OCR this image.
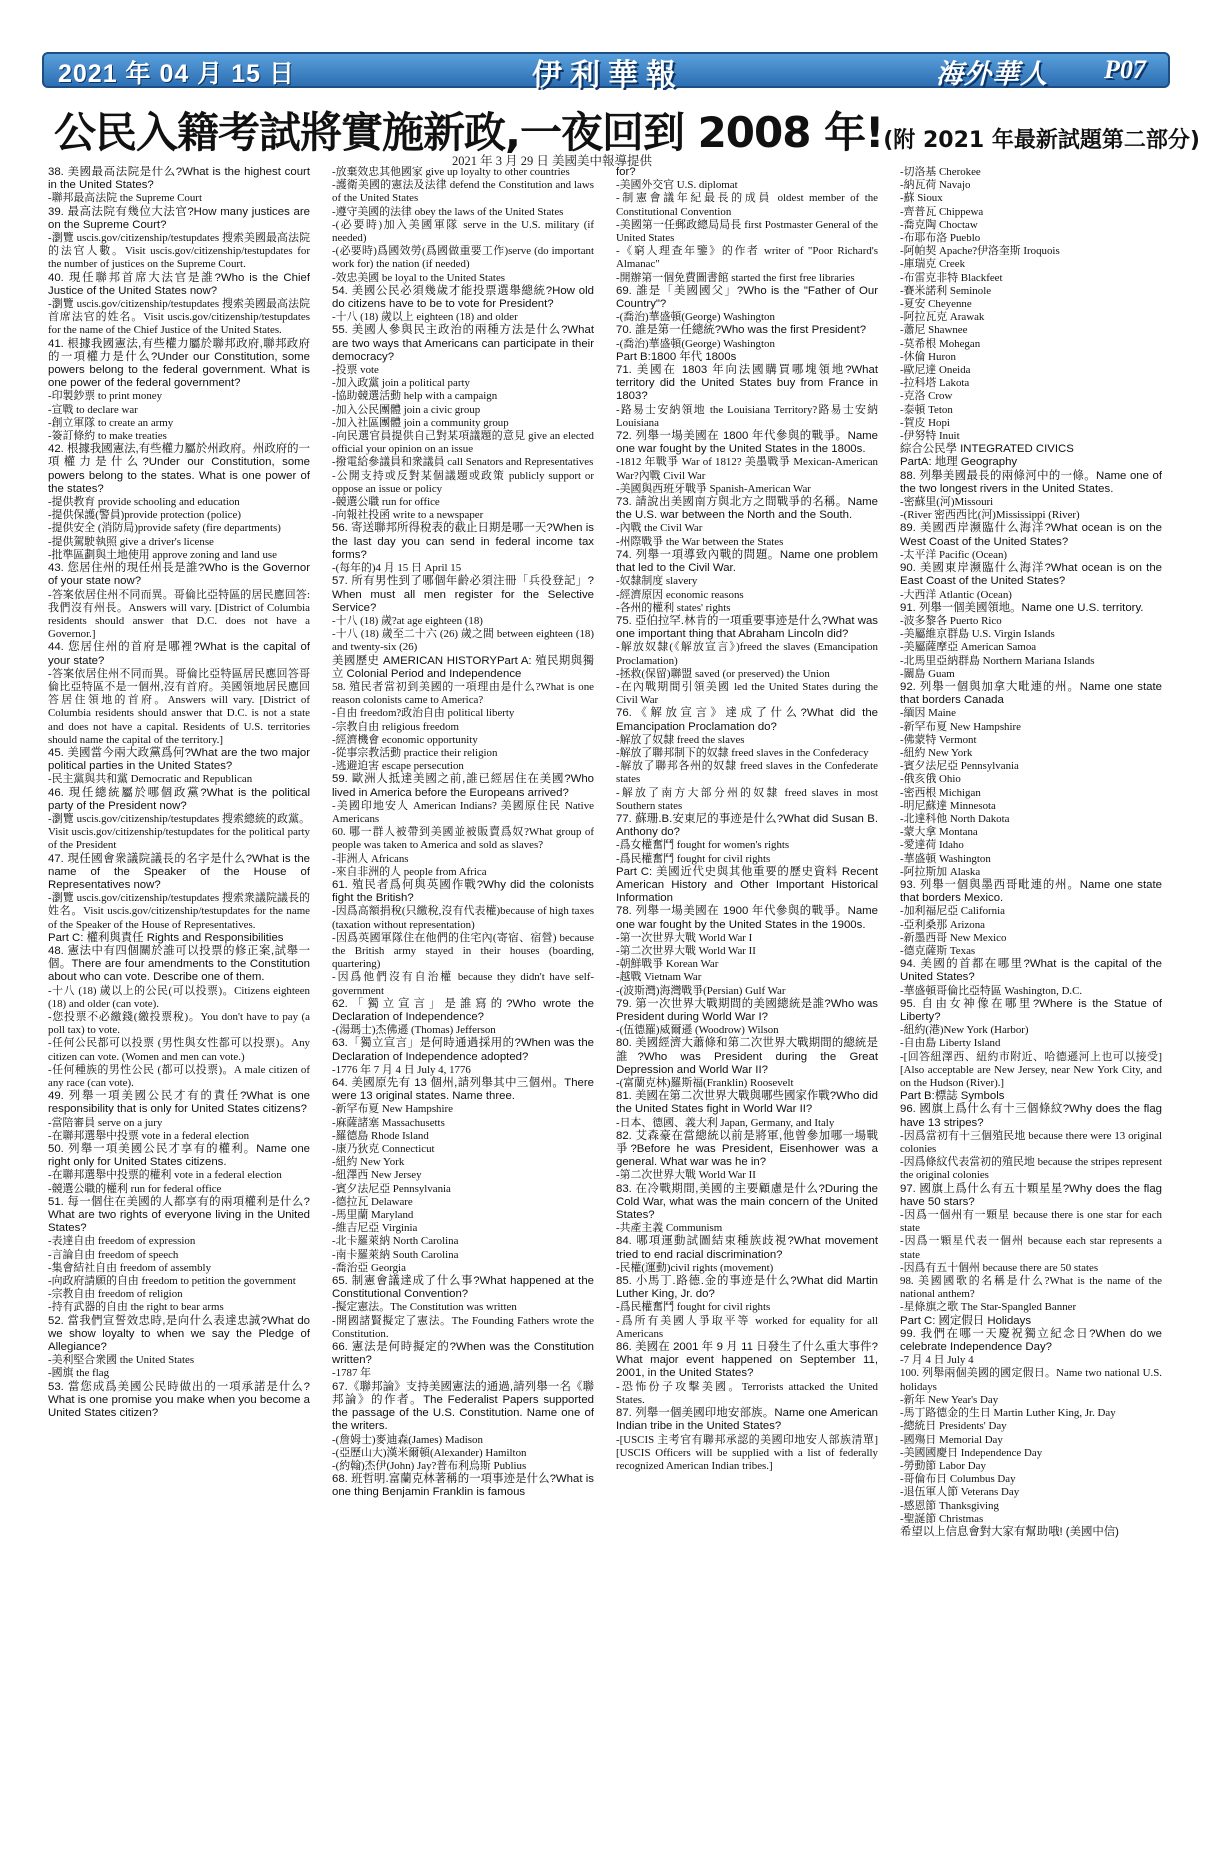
2021 年 04 月 15 日	伊利華報	海外華人 P07
公民入籍考試將實施新政,一夜回到 2008 年!(附 2021 年最新試題第二部分)
2021 年 3 月 29 日 美國美中報導提供

38. 美國最高法院是什么?What is the highest court in the United States?

-聯邦最高法院 the Supreme Court

39. 最高法院有幾位大法官?How many justices are on the Supreme Court?

-瀏覽 uscis.gov/citizenship/testupdates 搜索美國最高法院的法官人數。Visit uscis.gov/citizenship/testupdates for the number of justices on the Supreme Court.

40. 現任聯邦首席大法官是誰?Who is the Chief Justice of the United States now?

-瀏覽 uscis.gov/citizenship/testupdates 搜索美國最高法院首席法官的姓名。Visit uscis.gov/citizenship/testupdates for the name of the Chief Justice of the United States.

41. 根據我國憲法,有些權力屬於聯邦政府,聯邦政府的一項權力是什么?Under our Constitution, some powers belong to the federal government. What is one power of the federal government?

-印製鈔票 to print money

-宣戰 to declare war

-創立軍隊 to create an army

-簽訂條約 to make treaties

42. 根據我國憲法,有些權力屬於州政府。州政府的一項權力是什么?Under our Constitution, some powers belong to the states. What is one power of the states?

-提供教育 provide schooling and education

-提供保護(警員)provide protection (police)

-提供安全 (消防局)provide safety (fire departments)

-提供駕駛執照 give a driver's license

-批準區劃與土地使用 approve zoning and land use

43. 您居住州的現任州長是誰?Who is the Governor of your state now?

-答案依居住州不同而異。哥倫比亞特區的居民應回答:我們沒有州長。Answers will vary. [District of Columbia residents should answer that D.C. does not have a Governor.]

44. 您居住州的首府是哪裡?What is the capital of your state?

-答案依居住州不同而異。哥倫比亞特區居民應回答哥倫比亞特區不是一個州,沒有首府。美國領地居民應回答居住領地的首府。Answers will vary. [District of Columbia residents should answer that D.C. is not a state and does not have a capital. Residents of U.S. territories should name the capital of the territory.]

45. 美國當今兩大政黨爲何?What are the two major political parties in the United States?

-民主黨與共和黨 Democratic and Republican

46. 現任總統屬於哪個政黨?What is the political party of the President now?

-瀏覽 uscis.gov/citizenship/testupdates 搜索總統的政黨。Visit uscis.gov/citizenship/testupdates for the political party of the President

47. 現任國會衆議院議長的名字是什么?What is the name of the Speaker of the House of Representatives now?

-瀏覽 uscis.gov/citizenship/testupdates 搜索衆議院議長的姓名。Visit uscis.gov/citizenship/testupdates for the name of the Speaker of the House of Representatives.

Part C: 權利與責任 Rights and Responsibilities

48. 憲法中有四個關於誰可以投票的修正案,試舉一個。There are four amendments to the Constitution about who can vote. Describe one of them.

-十八 (18) 歲以上的公民(可以投票)。Citizens eighteen (18) and older (can vote).

-您投票不必繳錢(繳投票稅)。You don't have to pay (a poll tax) to vote.

-任何公民都可以投票 (男性與女性都可以投票)。Any citizen can vote. (Women and men can vote.)

-任何種族的男性公民 (都可以投票)。A male citizen of any race (can vote).

49. 列舉一項美國公民才有的責任?What is one responsibility that is only for United States citizens?

-當陪審員 serve on a jury

-在聯邦選舉中投票 vote in a federal election

50. 列舉一項美國公民才享有的權利。Name one right only for United States citizens.

-在聯邦選舉中投票的權利 vote in a federal election

-競選公職的權利 run for federal office

51. 每一個住在美國的人都享有的兩項權利是什么?What are two rights of everyone living in the United States?

-表達自由 freedom of expression

-言論自由 freedom of speech

-集會結社自由 freedom of assembly

-向政府請願的自由 freedom to petition the government

-宗教自由 freedom of religion

-持有武器的自由 the right to bear arms

52. 當我們宣誓效忠時,是向什么表達忠誠?What do we show loyalty to when we say the Pledge of Allegiance?

-美利堅合衆國 the United States

-國旗 the flag

53. 當您成爲美國公民時做出的一項承諾是什么?What is one promise you make when you become a United States citizen?

-放棄效忠其他國家 give up loyalty to other countries

-護衛美國的憲法及法律 defend the Constitution and laws of the United States

-遵守美國的法律 obey the laws of the United States

-(必要時)加入美國軍隊 serve in the U.S. military (if needed)

-(必要時)爲國效勞(爲國做重要工作)serve (do important work for) the nation (if needed)

-效忠美國 be loyal to the United States

54. 美國公民必須幾歲才能投票選舉總統?How old do citizens have to be to vote for President?

-十八 (18) 歲以上 eighteen (18) and older

55. 美國人參與民主政治的兩種方法是什么?What are two ways that Americans can participate in their democracy?

-投票 vote

-加入政黨 join a political party

-協助競選活動 help with a campaign

-加入公民團體 join a civic group

-加入社區團體 join a community group

-向民選官員提供自己對某項議題的意見 give an elected official your opinion on an issue

-撥電給參議員和衆議員 call Senators and Representatives

-公開支持或反對某個議題或政策 publicly support or oppose an issue or policy

-競選公職 run for office

-向報社投函 write to a newspaper

56. 寄送聯邦所得稅表的截止日期是哪一天?When is the last day you can send in federal income tax forms?

-(每年的)4 月 15 日 April 15

57. 所有男性到了哪個年齡必須注冊「兵役登記」?When must all men register for the Selective Service?

-十八 (18) 歲?at age eighteen (18)

-十八 (18) 歲至二十六 (26) 歲之間 between eighteen (18) and twenty-six (26)

美國歷史 AMERICAN HISTORYPart A: 殖民期與獨立 Colonial Period and Independence

58. 殖民者當初到美國的一項理由是什么?What is one reason colonists came to America?

-自由 freedom?政治自由 political liberty

-宗教自由 religious freedom

-經濟機會 economic opportunity

-從事宗教活動 practice their religion

-逃避迫害 escape persecution

59. 歐洲人抵達美國之前,誰已經居住在美國?Who lived in America before the Europeans arrived?

-美國印地安人 American Indians? 美國原住民 Native Americans

60. 哪一群人被帶到美國並被販賣爲奴?What group of people was taken to America and sold as slaves?

-非洲人 Africans

-來自非洲的人 people from Africa

61. 殖民者爲何與英國作戰?Why did the colonists fight the British?

-因爲高額捐稅(只繳稅,沒有代表權)because of high taxes (taxation without representation)

-因爲英國軍隊住在他們的住宅內(寄宿、宿營) because the British army stayed in their houses (boarding, quartering)

-因爲他們沒有自治權 because they didn't have self-government

62.「獨立宣言」是誰寫的?Who wrote the Declaration of Independence?

-(湯瑪士)杰佛遜 (Thomas) Jefferson

63.「獨立宣言」是何時通過採用的?When was the Declaration of Independence adopted?

-1776 年 7 月 4 日 July 4, 1776

64. 美國原先有 13 個州,請列舉其中三個州。There were 13 original states. Name three.

-新罕布夏 New Hampshire

-麻薩諸塞 Massachusetts

-羅德島 Rhode Island

-康乃狄克 Connecticut

-紐約 New York

-紐澤西 New Jersey

-賓夕法尼亞 Pennsylvania

-德拉瓦 Delaware

-馬里蘭 Maryland

-維吉尼亞 Virginia

-北卡羅萊納 North Carolina

-南卡羅萊納 South Carolina

-喬治亞 Georgia

65. 制憲會議達成了什么事?What happened at the Constitutional Convention?

-擬定憲法。The Constitution was written

-開國諸賢擬定了憲法。The Founding Fathers wrote the Constitution.

66. 憲法是何時擬定的?When was the Constitution written?

-1787 年

67.《聯邦論》支持美國憲法的通過,請列舉一名《聯邦論》的作者。The Federalist Papers supported the passage of the U.S. Constitution. Name one of the writers.

-(詹姆士)麥迪森(James) Madison

-(亞歷山大)漢米爾頓(Alexander) Hamilton

-(約翰)杰伊(John) Jay?普布利烏斯 Publius

68. 班哲明.富蘭克林著稱的一項事迹是什么?What is one thing Benjamin Franklin is famous

for?

-美國外交官 U.S. diplomat

-制憲會議年紀最長的成員 oldest member of the Constitutional Convention

-美國第一任郵政總局局長 first Postmaster General of the United States

-《窮人理查年鑒》的作者 writer of "Poor Richard's Almanac"

-開辦第一個免費圖書館 started the first free libraries

69. 誰是「美國國父」?Who is the "Father of Our Country"?

-(喬治)華盛頓(George) Washington

70. 誰是第一任總統?Who was the first President?

-(喬治)華盛頓(George) Washington

Part B:1800 年代 1800s

71. 美國在 1803 年向法國購買哪塊領地?What territory did the United States buy from France in 1803?

-路易士安納領地 the Louisiana Territory?路易士安納 Louisiana

72. 列舉一場美國在 1800 年代參與的戰爭。Name one war fought by the United States in the 1800s.

-1812 年戰爭 War of 1812? 美墨戰爭 Mexican-American War?內戰 Civil War

-美國與西班牙戰爭 Spanish-American War

73. 請說出美國南方與北方之間戰爭的名稱。Name the U.S. war between the North and the South.

-內戰 the Civil War

-州際戰爭 the War between the States

74. 列舉一項導致內戰的問題。Name one problem that led to the Civil War.

-奴隸制度 slavery

-經濟原因 economic reasons

-各州的權利 states' rights

75. 亞伯拉罕.林肯的一項重要事迹是什么?What was one important thing that Abraham Lincoln did?

-解放奴隸(《解放宣言》)freed the slaves (Emancipation Proclamation)

-拯救(保留)聯盟 saved (or preserved) the Union

-在內戰期間引領美國 led the United States during the Civil War

76.《解放宣言》達成了什么?What did the Emancipation Proclamation do?

-解放了奴隸 freed the slaves

-解放了聯邦制下的奴隸 freed slaves in the Confederacy

-解放了聯邦各州的奴隸 freed slaves in the Confederate states

-解放了南方大部分州的奴隸 freed slaves in most Southern states

77. 蘇珊.B.安東尼的事迹是什么?What did Susan B. Anthony do?

-爲女權奮鬥 fought for women's rights

-爲民權奮鬥 fought for civil rights

Part C: 美國近代史與其他重要的歷史資料 Recent American History and Other Important Historical Information

78. 列舉一場美國在 1900 年代參與的戰爭。Name one war fought by the United States in the 1900s.

-第一次世界大戰 World War I

-第二次世界大戰 World War II

-朝鮮戰爭 Korean War

-越戰 Vietnam War

-(波斯灣)海灣戰爭(Persian) Gulf War

79. 第一次世界大戰期間的美國總統是誰?Who was President during World War I?

-(伍德羅)威爾遜 (Woodrow) Wilson

80. 美國經濟大蕭條和第二次世界大戰期間的總統是誰?Who was President during the Great Depression and World War II?

-(富蘭克林)羅斯福(Franklin) Roosevelt

81. 美國在第二次世界大戰與哪些國家作戰?Who did the United States fight in World War II?

-日本、德國、義大利 Japan, Germany, and Italy

82. 艾森豪在當總統以前是將軍,他曾參加哪一場戰爭?Before he was President, Eisenhower was a general. What war was he in?

-第二次世界大戰 World War II

83. 在冷戰期間,美國的主要顧慮是什么?During the Cold War, what was the main concern of the United States?

-共產主義 Communism

84. 哪項運動試圖結束種族歧視?What movement tried to end racial discrimination?

-民權(運動)civil rights (movement)

85. 小馬丁.路德.金的事迹是什么?What did Martin Luther King, Jr. do?

-爲民權奮鬥 fought for civil rights

-爲所有美國人爭取平等 worked for equality for all Americans

86. 美國在 2001 年 9 月 11 日發生了什么重大事件?What major event happened on September 11, 2001, in the United States?

-恐怖份子攻擊美國。Terrorists attacked the United States.

87. 列舉一個美國印地安部族。Name one American Indian tribe in the United States?

-[USCIS 主考官有聯邦承認的美國印地安人部族清單][USCIS Officers will be supplied with a list of federally recognized American Indian tribes.]

-切洛基 Cherokee

-納瓦荷 Navajo

-蘇 Sioux

-齊普瓦 Chippewa

-喬克陶 Choctaw

-布耶布洛 Pueblo

-阿帕契 Apache?伊洛奎斯 Iroquois

-庫瑞克 Creek

-布雷克非特 Blackfeet

-賽米諾利 Seminole

-夏安 Cheyenne

-阿拉瓦克 Arawak

-蕭尼 Shawnee

-莫希根 Mohegan

-休倫 Huron

-歐尼達 Oneida

-拉科塔 Lakota

-克洛 Crow

-泰頓 Teton

-賀皮 Hopi

-伊努特 Inuit

綜合公民學 INTEGRATED CIVICS

PartA: 地理 Geography

88. 列舉美國最長的兩條河中的一條。Name one of the two longest rivers in the United States.

-密蘇里(河)Missouri

-(River 密西西比(河)Mississippi (River)

89. 美國西岸濒臨什么海洋?What ocean is on the West Coast of the United States?

-太平洋 Pacific (Ocean)

90. 美國東岸濒臨什么海洋?What ocean is on the East Coast of the United States?

-大西洋 Atlantic (Ocean)

91. 列舉一個美國領地。Name one U.S. territory.

-波多黎各 Puerto Rico

-美屬維京群島 U.S. Virgin Islands

-美屬薩摩亞 American Samoa

-北馬里亞納群島 Northern Mariana Islands

-關島 Guam

92. 列舉一個與加拿大毗連的州。Name one state that borders Canada

-緬因 Maine

-新罕布夏 New Hampshire

-佛蒙特 Vermont

-紐約 New York

-賓夕法尼亞 Pennsylvania

-俄亥俄 Ohio

-密西根 Michigan

-明尼蘇達 Minnesota

-北達科他 North Dakota

-蒙大拿 Montana

-愛達荷 Idaho

-華盛頓 Washington

-阿拉斯加 Alaska

93. 列舉一個與墨西哥毗連的州。Name one state that borders Mexico.

-加利福尼亞 California

-亞利桑那 Arizona

-新墨西哥 New Mexico

-德克薩斯 Texas

94. 美國的首都在哪里?What is the capital of the United States?

-華盛頓哥倫比亞特區 Washington, D.C.

95. 自由女神像在哪里?Where is the Statue of Liberty?

-紐約(港)New York (Harbor)

-自由島 Liberty Island

-[回答紐澤西、紐約市附近、哈德遜河上也可以接受][Also acceptable are New Jersey, near New York City, and on the Hudson (River).]

Part B:標誌 Symbols

96. 國旗上爲什么有十三個條紋?Why does the flag have 13 stripes?

-因爲當初有十三個殖民地 because there were 13 original colonies

-因爲條紋代表當初的殖民地 because the stripes represent the original colonies

97. 國旗上爲什么有五十顆星星?Why does the flag have 50 stars?

-因爲一個州有一顆星 because there is one star for each state

-因爲一顆星代表一個州 because each star represents a state

-因爲有五十個州 because there are 50 states

98. 美國國歌的名稱是什么?What is the name of the national anthem?

-星條旗之歌 The Star-Spangled Banner

Part C: 國定假日 Holidays

99. 我們在哪一天慶祝獨立紀念日?When do we celebrate Independence Day?

-7 月 4 日 July 4

100. 列舉兩個美國的國定假日。Name two national U.S. holidays

-新年 New Year's Day

-馬丁路德金的生日 Martin Luther King, Jr. Day

-總統日 Presidents' Day

-國殤日 Memorial Day

-美國國慶日 Independence Day

-勞動節 Labor Day

-哥倫布日 Columbus Day

-退伍軍人節 Veterans Day

-感恩節 Thanksgiving

-聖誕節 Christmas

希望以上信息會對大家有幫助哦! (美國中信)
